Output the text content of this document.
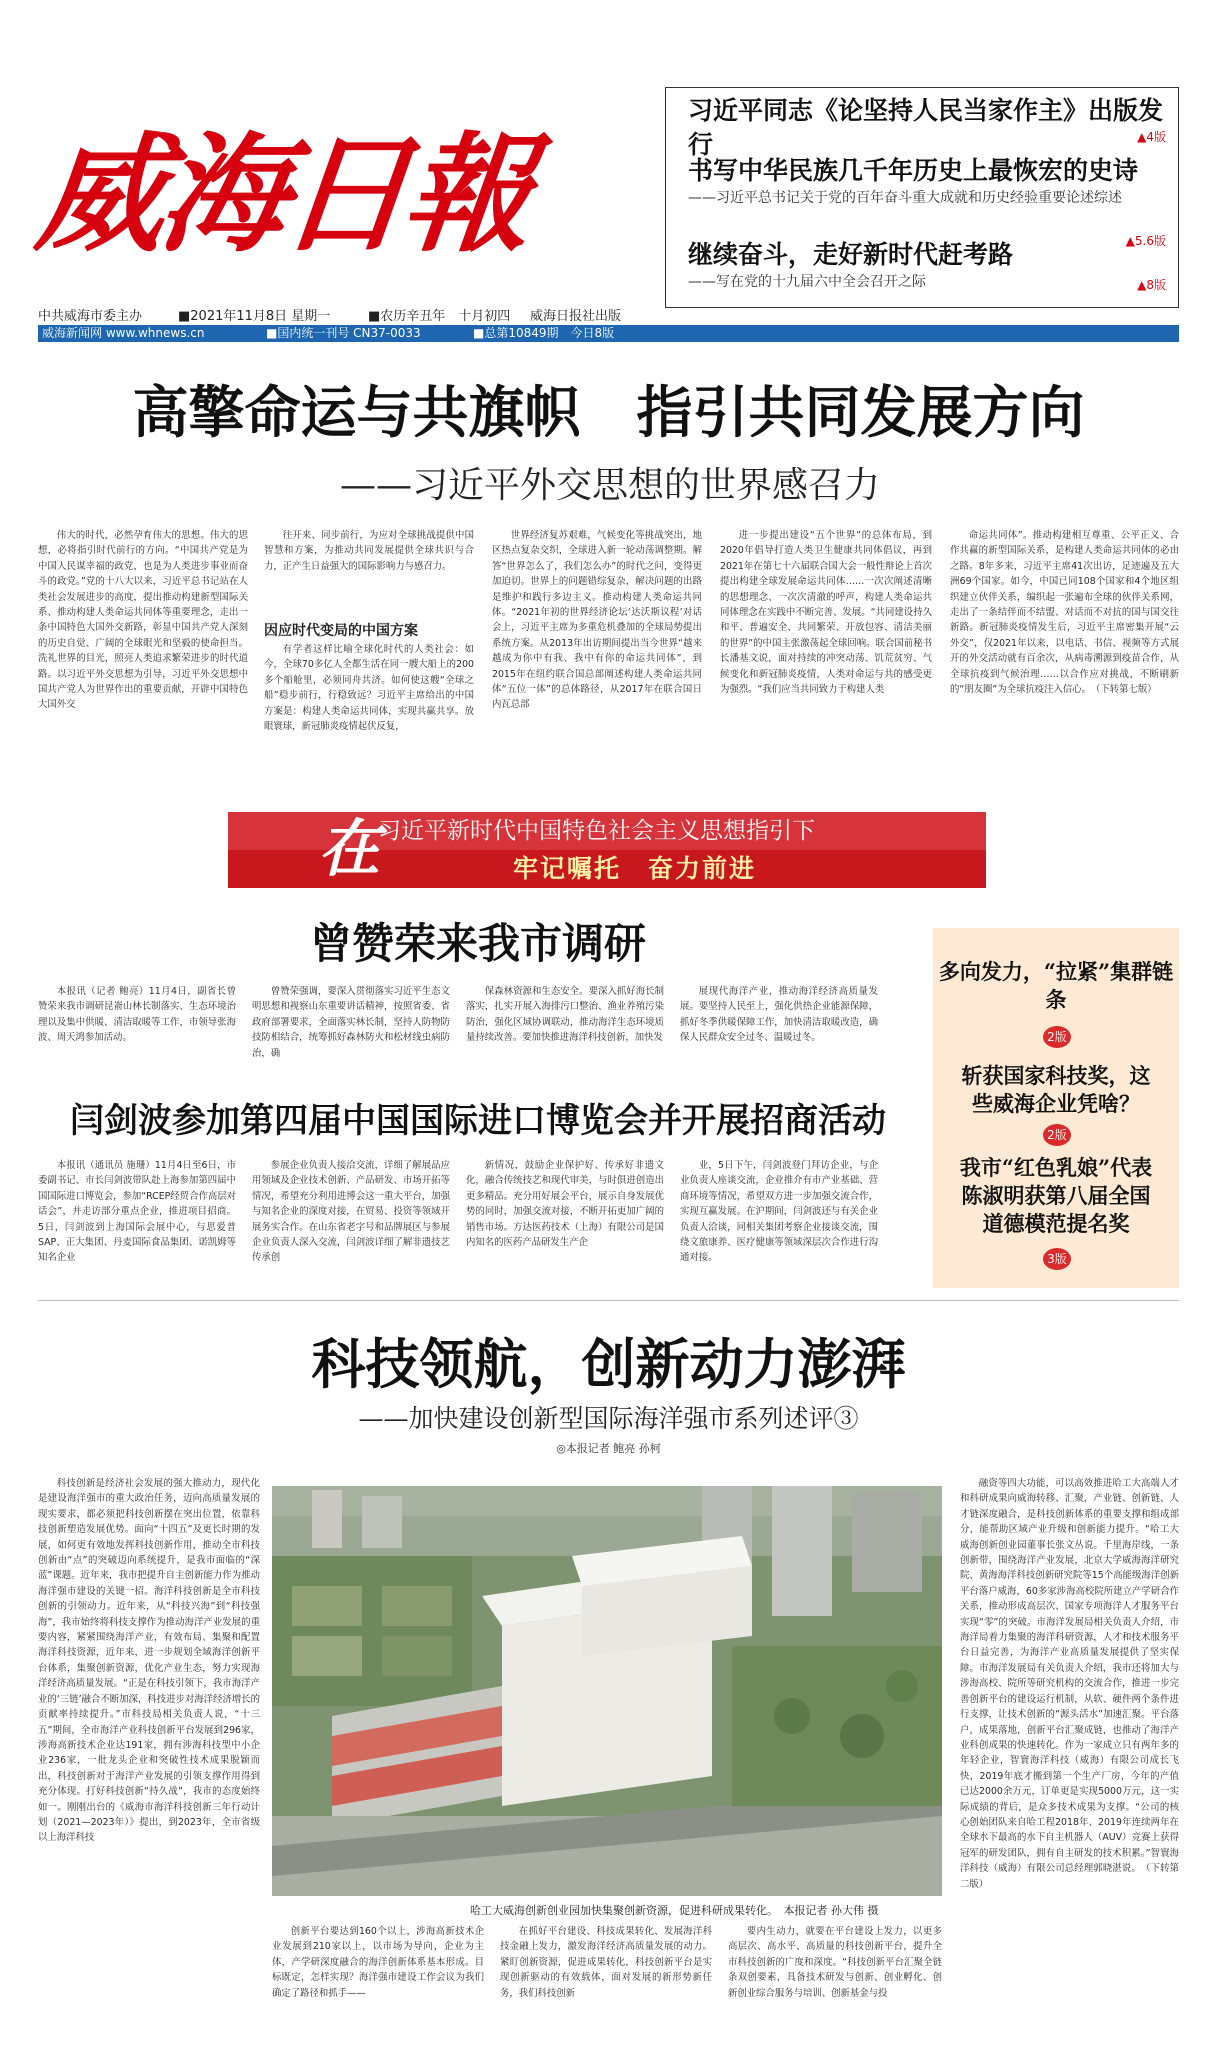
威海日報
习近平同志《论坚持人民当家作主》出版发行	▲4版
书写中华民族几千年历史上最恢宏的史诗
——习近平总书记关于党的百年奋斗重大成就和历史经验重要论述综述
▲5.6版
继续奋斗，走好新时代赶考路
——写在党的十九届六中全会召开之际	▲8版
中共威海市委主办	■2021年11月8日 星期一	■农历辛丑年　十月初四 威海日报社出版
威海新闻网 www.whnews.cn	■国内统一刊号 CN37-0033	■总第10849期　今日8版
高擎命运与共旗帜　指引共同发展方向
——习近平外交思想的世界感召力

伟大的时代，必然孕育伟大的思想。伟大的思想，必将指引时代前行的方向。“中国共产党是为中国人民谋幸福的政党，也是为人类进步事业而奋斗的政党。”党的十八大以来，习近平总书记站在人类社会发展进步的高度，提出推动构建新型国际关系、推动构建人类命运共同体等重要理念，走出一条中国特色大国外交新路，彰显中国共产党人深刻的历史自觉、广阔的全球眼光和坚毅的使命担当。洗礼世界的目光，照亮人类追求繁荣进步的时代道路。以习近平外交思想为引导，习近平外交思想中国共产党人为世界作出的重要贡献，开辟中国特色大国外交

往开来、同步前行，为应对全球挑战提供中国智慧和方案，为推动共同发展提供全球共识与合力，正产生日益强大的国际影响力与感召力。

因应时代变局的中国方案

有学者这样比喻全球化时代的人类社会：如今，全球70多亿人全都生活在同一艘大船上的200多个船舱里，必须同舟共济。如何使这艘“全球之船”稳步前行，行稳致远？习近平主席给出的中国方案是：构建人类命运共同体，实现共赢共享。放眼寰球，新冠肺炎疫情起伏反复，

世界经济复苏艰难，气候变化等挑战突出，地区热点复杂交织，全球进入新一轮动荡调整期。解答“世界怎么了，我们怎么办”的时代之问，变得更加迫切。世界上的问题错综复杂，解决问题的出路是维护和践行多边主义。推动构建人类命运共同体。“2021年初的世界经济论坛‘达沃斯议程’对话会上，习近平主席为多重危机叠加的全球局势提出系统方案。从2013年出访期间提出当今世界“越来越成为你中有我、我中有你的命运共同体”，到2015年在纽约联合国总部阐述构建人类命运共同体“五位一体”的总体路径，从2017年在联合国日内瓦总部

进一步提出建设“五个世界”的总体布局，到2020年倡导打造人类卫生健康共同体倡议，再到2021年在第七十六届联合国大会一般性辩论上首次提出构建全球发展命运共同体……一次次阐述清晰的思想理念、一次次清澈的呼声，构建人类命运共同体理念在实践中不断完善、发展。“共同建设持久和平、普遍安全、共同繁荣、开放包容、清洁美丽的世界”的中国主张激荡起全球回响。联合国前秘书长潘基文说，面对持续的冲突动荡、饥荒贫穷、气候变化和新冠肺炎疫情，人类对命运与共的感受更为强烈。“我们应当共同致力于构建人类

命运共同体”。推动构建相互尊重、公平正义、合作共赢的新型国际关系，是构建人类命运共同体的必由之路。8年多来，习近平主席41次出访，足迹遍及五大洲69个国家。如今，中国已同108个国家和4个地区组织建立伙伴关系，编织起一张遍布全球的伙伴关系网，走出了一条结伴而不结盟、对话而不对抗的国与国交往新路。新冠肺炎疫情发生后，习近平主席密集开展“云外交”，仅2021年以来，以电话、书信、视频等方式展开的外交活动就有百余次，从病毒溯源到疫苗合作，从全球抗疫到气候治理……以合作应对挑战，不断刷新的“朋友圈”为全球抗疫注入信心。　（下转第七版）

在
习近平新时代中国特色社会主义思想指引下
牢记嘱托　奋力前进
曾赞荣来我市调研

本报讯（记者 鲍亮）11月4日，副省长曾赞荣来我市调研昆嵛山林长制落实、生态环境治理以及集中供暖、清洁取暖等工作，市领导张海波、周天鸿参加活动。

曾赞荣强调，要深入贯彻落实习近平生态文明思想和视察山东重要讲话精神，按照省委、省政府部署要求，全面落实林长制，坚持人防物防技防相结合，统筹抓好森林防火和松材线虫病防治，确

保森林资源和生态安全。要深入抓好海长制落实，扎实开展入海排污口整治、渔业养殖污染防治，强化区域协调联动，推动海洋生态环境质量持续改善。要加快推进海洋科技创新，加快发

展现代海洋产业，推动海洋经济高质量发展。要坚持人民至上，强化供热企业能源保障，抓好冬季供暖保障工作，加快清洁取暖改造，确保人民群众安全过冬、温暖过冬。

闫剑波参加第四届中国国际进口博览会并开展招商活动

本报讯（通讯员 施珊）11月4日至6日，市委副书记、市长闫剑波带队赴上海参加第四届中国国际进口博览会，参加“RCEP经贸合作高层对话会”，并走访部分重点企业，推进项目招商。5日，闫剑波到上海国际会展中心，与思爱普SAP、正大集团、丹麦国际食品集团、诺凯姆等知名企业

参展企业负责人接洽交流，详细了解展品应用领域及企业技术创新、产品研发、市场开拓等情况，希望充分利用进博会这一重大平台，加强与知名企业的深度对接，在贸易、投资等领域开展务实合作。在山东省老字号和品牌展区与参展企业负责人深入交流，闫剑波详细了解非遗技艺传承创

新情况，鼓励企业保护好、传承好非遗文化，融合传统技艺和现代审美，与时俱进创造出更多精品。充分用好展会平台，展示自身发展优势的同时，加强交流对接，不断开拓更加广阔的销售市场。方达医药技术（上海）有限公司是国内知名的医药产品研发生产企

业，5日下午，闫剑波登门拜访企业，与企业负责人座谈交流，企业推介有市产业基础、营商环境等情况，希望双方进一步加强交流合作，实现互赢发展。在沪期间，闫剑波还与有关企业负责人洽谈，同相关集团考察企业接谈交流，围绕文旅康养、医疗健康等领域深层次合作进行沟通对接。

多向发力，“拉紧”集群链条
2版
斩获国家科技奖，这些威海企业凭啥？
2版
我市“红色乳娘”代表陈淑明获第八届全国道德模范提名奖
3版
科技领航，创新动力澎湃
——加快建设创新型国际海洋强市系列述评③
◎本报记者 鲍亮 孙柯

科技创新是经济社会发展的强大推动力，现代化是建设海洋强市的重大政治任务，迈向高质量发展的现实要求，都必须把科技创新摆在突出位置，依靠科技创新塑造发展优势。面向“十四五”及更长时期的发展，如何更有效地发挥科技创新作用，推动全市科技创新由“点”的突破迈向系统提升，是我市面临的“深蓝”课题。近年来，我市把提升自主创新能力作为推动海洋强市建设的关键一招。海洋科技创新是全市科技创新的引领动力。近年来，从“科技兴海”到“科技强海”，我市始终将科技支撑作为推动海洋产业发展的重要内容，紧紧围绕海洋产业，有效布局、集聚和配置海洋科技资源，近年来，进一步规划全域海洋创新平台体系，集聚创新资源，优化产业生态，努力实现海洋经济高质量发展。“正是在科技引领下，我市海洋产业的‘三链’融合不断加深，科技进步对海洋经济增长的贡献率持续提升。”市科技局相关负责人说，“十三五”期间，全市海洋产业科技创新平台发展到296家，涉海高新技术企业达191家，拥有涉海科技型中小企业236家，一批龙头企业和突破性技术成果脱颖而出，科技创新对于海洋产业发展的引领支撑作用得到充分体现。打好科技创新“持久战”，我市的态度始终如一。刚刚出台的《威海市海洋科技创新三年行动计划（2021—2023年）》提出，到2023年，全市省级以上海洋科技

哈工大威海创新创业园加快集聚创新资源，促进科研成果转化。　本报记者 孙大伟 摄

融资等四大功能，可以高效推进哈工大高端人才和科研成果向威海转移、汇聚，产业链、创新链、人才链深度融合，是科技创新体系的重要支撑和组成部分，能帮助区域产业升级和创新能力提升。“哈工大威海创新创业园董事长张文丛说。千里海岸线，一条创新带，围绕海洋产业发展，北京大学威海海洋研究院、黄海海洋科技创新研究院等15个高能级海洋创新平台落户威海，60多家涉海高校院所建立产学研合作关系，推动形成高层次、国家专项海洋人才服务平台实现“零”的突破。市海洋发展局相关负责人介绍，市海洋局着力集聚的海洋科研资源，人才和技术服务平台日益完善，为海洋产业高质量发展提供了坚实保障。市海洋发展局有关负责人介绍，我市还将加大与涉海高校、院所等研究机构的交流合作，推进一步完善创新平台的建设运行机制，从软、硬件两个条件进行支撑，让技术创新的“源头活水”加速汇聚。平台落户，成果落地，创新平台汇聚成链，也推动了海洋产业科创成果的快速转化。作为一家成立只有两年多的年轻企业，智寰海洋科技（威海）有限公司成长飞快，2019年底才搬到第一个生产厂房，今年的产值已达2000余万元，订单更是实现5000万元，这一实际成绩的背后，是众多技术成果为支撑。“公司的核心创始团队来自哈工程2018年、2019年连续两年在全球水下最高的水下自主机器人（AUV）竞赛上获得冠军的研发团队，拥有自主研发的技术积累。”智寰海洋科技（威海）有限公司总经理郭晓湛说。　（下转第二版）

创新平台要达到160个以上，涉海高新技术企业发展到210家以上，以市场为导向，企业为主体，产学研深度融合的海洋创新体系基本形成。目标既定，怎样实现？海洋强市建设工作会议为我们确定了路径和抓手——

在抓好平台建设、科技成果转化、发展海洋科技金融上发力，激发海洋经济高质量发展的动力。紧盯创新资源，促进成果转化，科技创新平台是实现创新驱动的有效载体，面对发展的新形势新任务，我们科技创新

要内生动力，就要在平台建设上发力，以更多高层次、高水平、高质量的科技创新平台，提升全市科技创新的广度和深度。“科技创新平台汇聚全链条双创要素，具备技术研发与创新、创业孵化、创新创业综合服务与培训、创新基金与投
